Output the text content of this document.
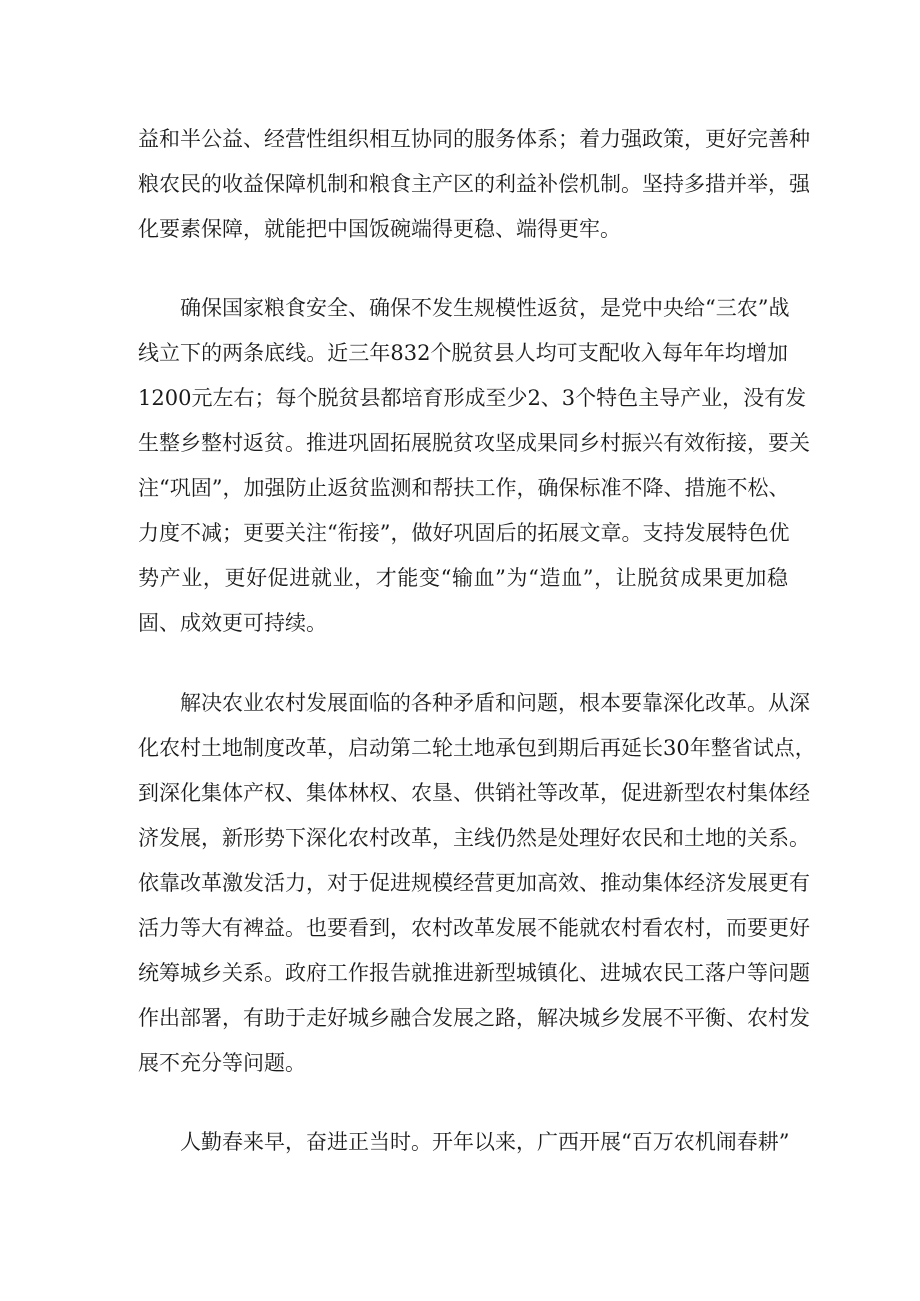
益和半公益、经营性组织相互协同的服务体系；着力强政策，更好完善种
粮农民的收益保障机制和粮食主产区的利益补偿机制。坚持多措并举，强
化要素保障，就能把中国饭碗端得更稳、端得更牢。
确保国家粮食安全、确保不发生规模性返贫，是党中央给“三农”战
线立下的两条底线。近三年832个脱贫县人均可支配收入每年年均增加
1200元左右；每个脱贫县都培育形成至少2、3个特色主导产业，没有发
生整乡整村返贫。推进巩固拓展脱贫攻坚成果同乡村振兴有效衔接，要关
注“巩固”，加强防止返贫监测和帮扶工作，确保标准不降、措施不松、
力度不减；更要关注“衔接”，做好巩固后的拓展文章。支持发展特色优
势产业，更好促进就业，才能变“输血”为“造血”，让脱贫成果更加稳
固、成效更可持续。
解决农业农村发展面临的各种矛盾和问题，根本要靠深化改革。从深
化农村土地制度改革，启动第二轮土地承包到期后再延长30年整省试点，
到深化集体产权、集体林权、农垦、供销社等改革，促进新型农村集体经
济发展，新形势下深化农村改革，主线仍然是处理好农民和土地的关系。
依靠改革激发活力，对于促进规模经营更加高效、推动集体经济发展更有
活力等大有裨益。也要看到，农村改革发展不能就农村看农村，而要更好
统筹城乡关系。政府工作报告就推进新型城镇化、进城农民工落户等问题
作出部署，有助于走好城乡融合发展之路，解决城乡发展不平衡、农村发
展不充分等问题。
人勤春来早，奋进正当时。开年以来，广西开展“百万农机闹春耕”
